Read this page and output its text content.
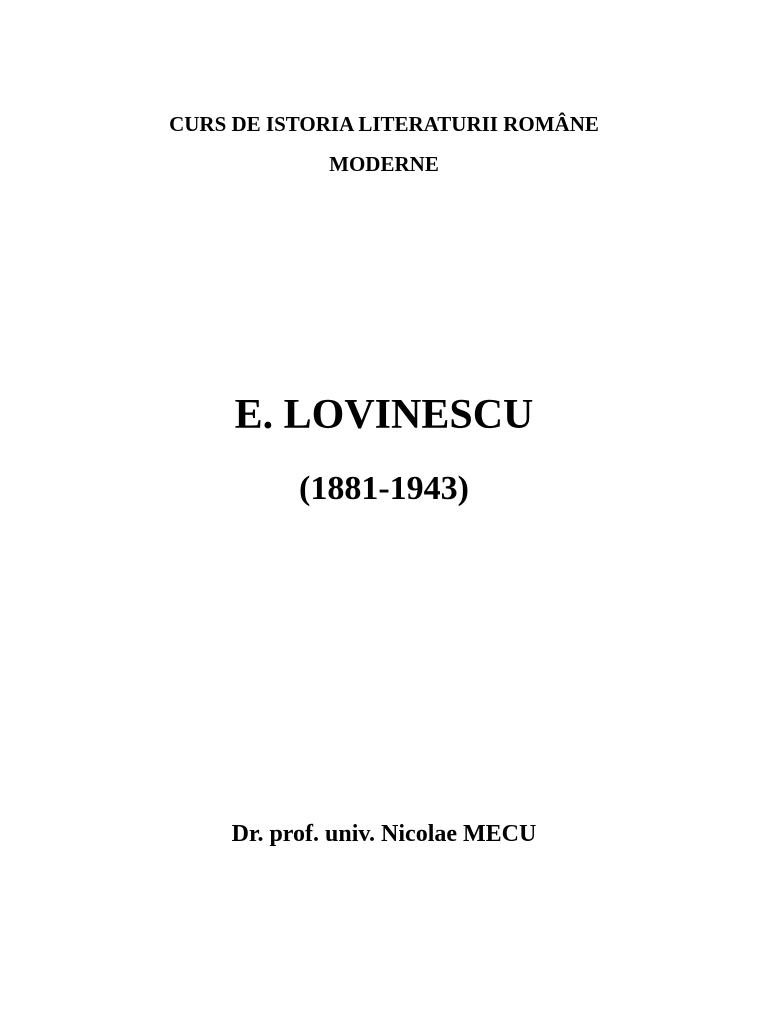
CURS DE ISTORIA LITERATURII ROMÂNE
MODERNE
E. LOVINESCU
(1881-1943)
Dr. prof. univ. Nicolae MECU
